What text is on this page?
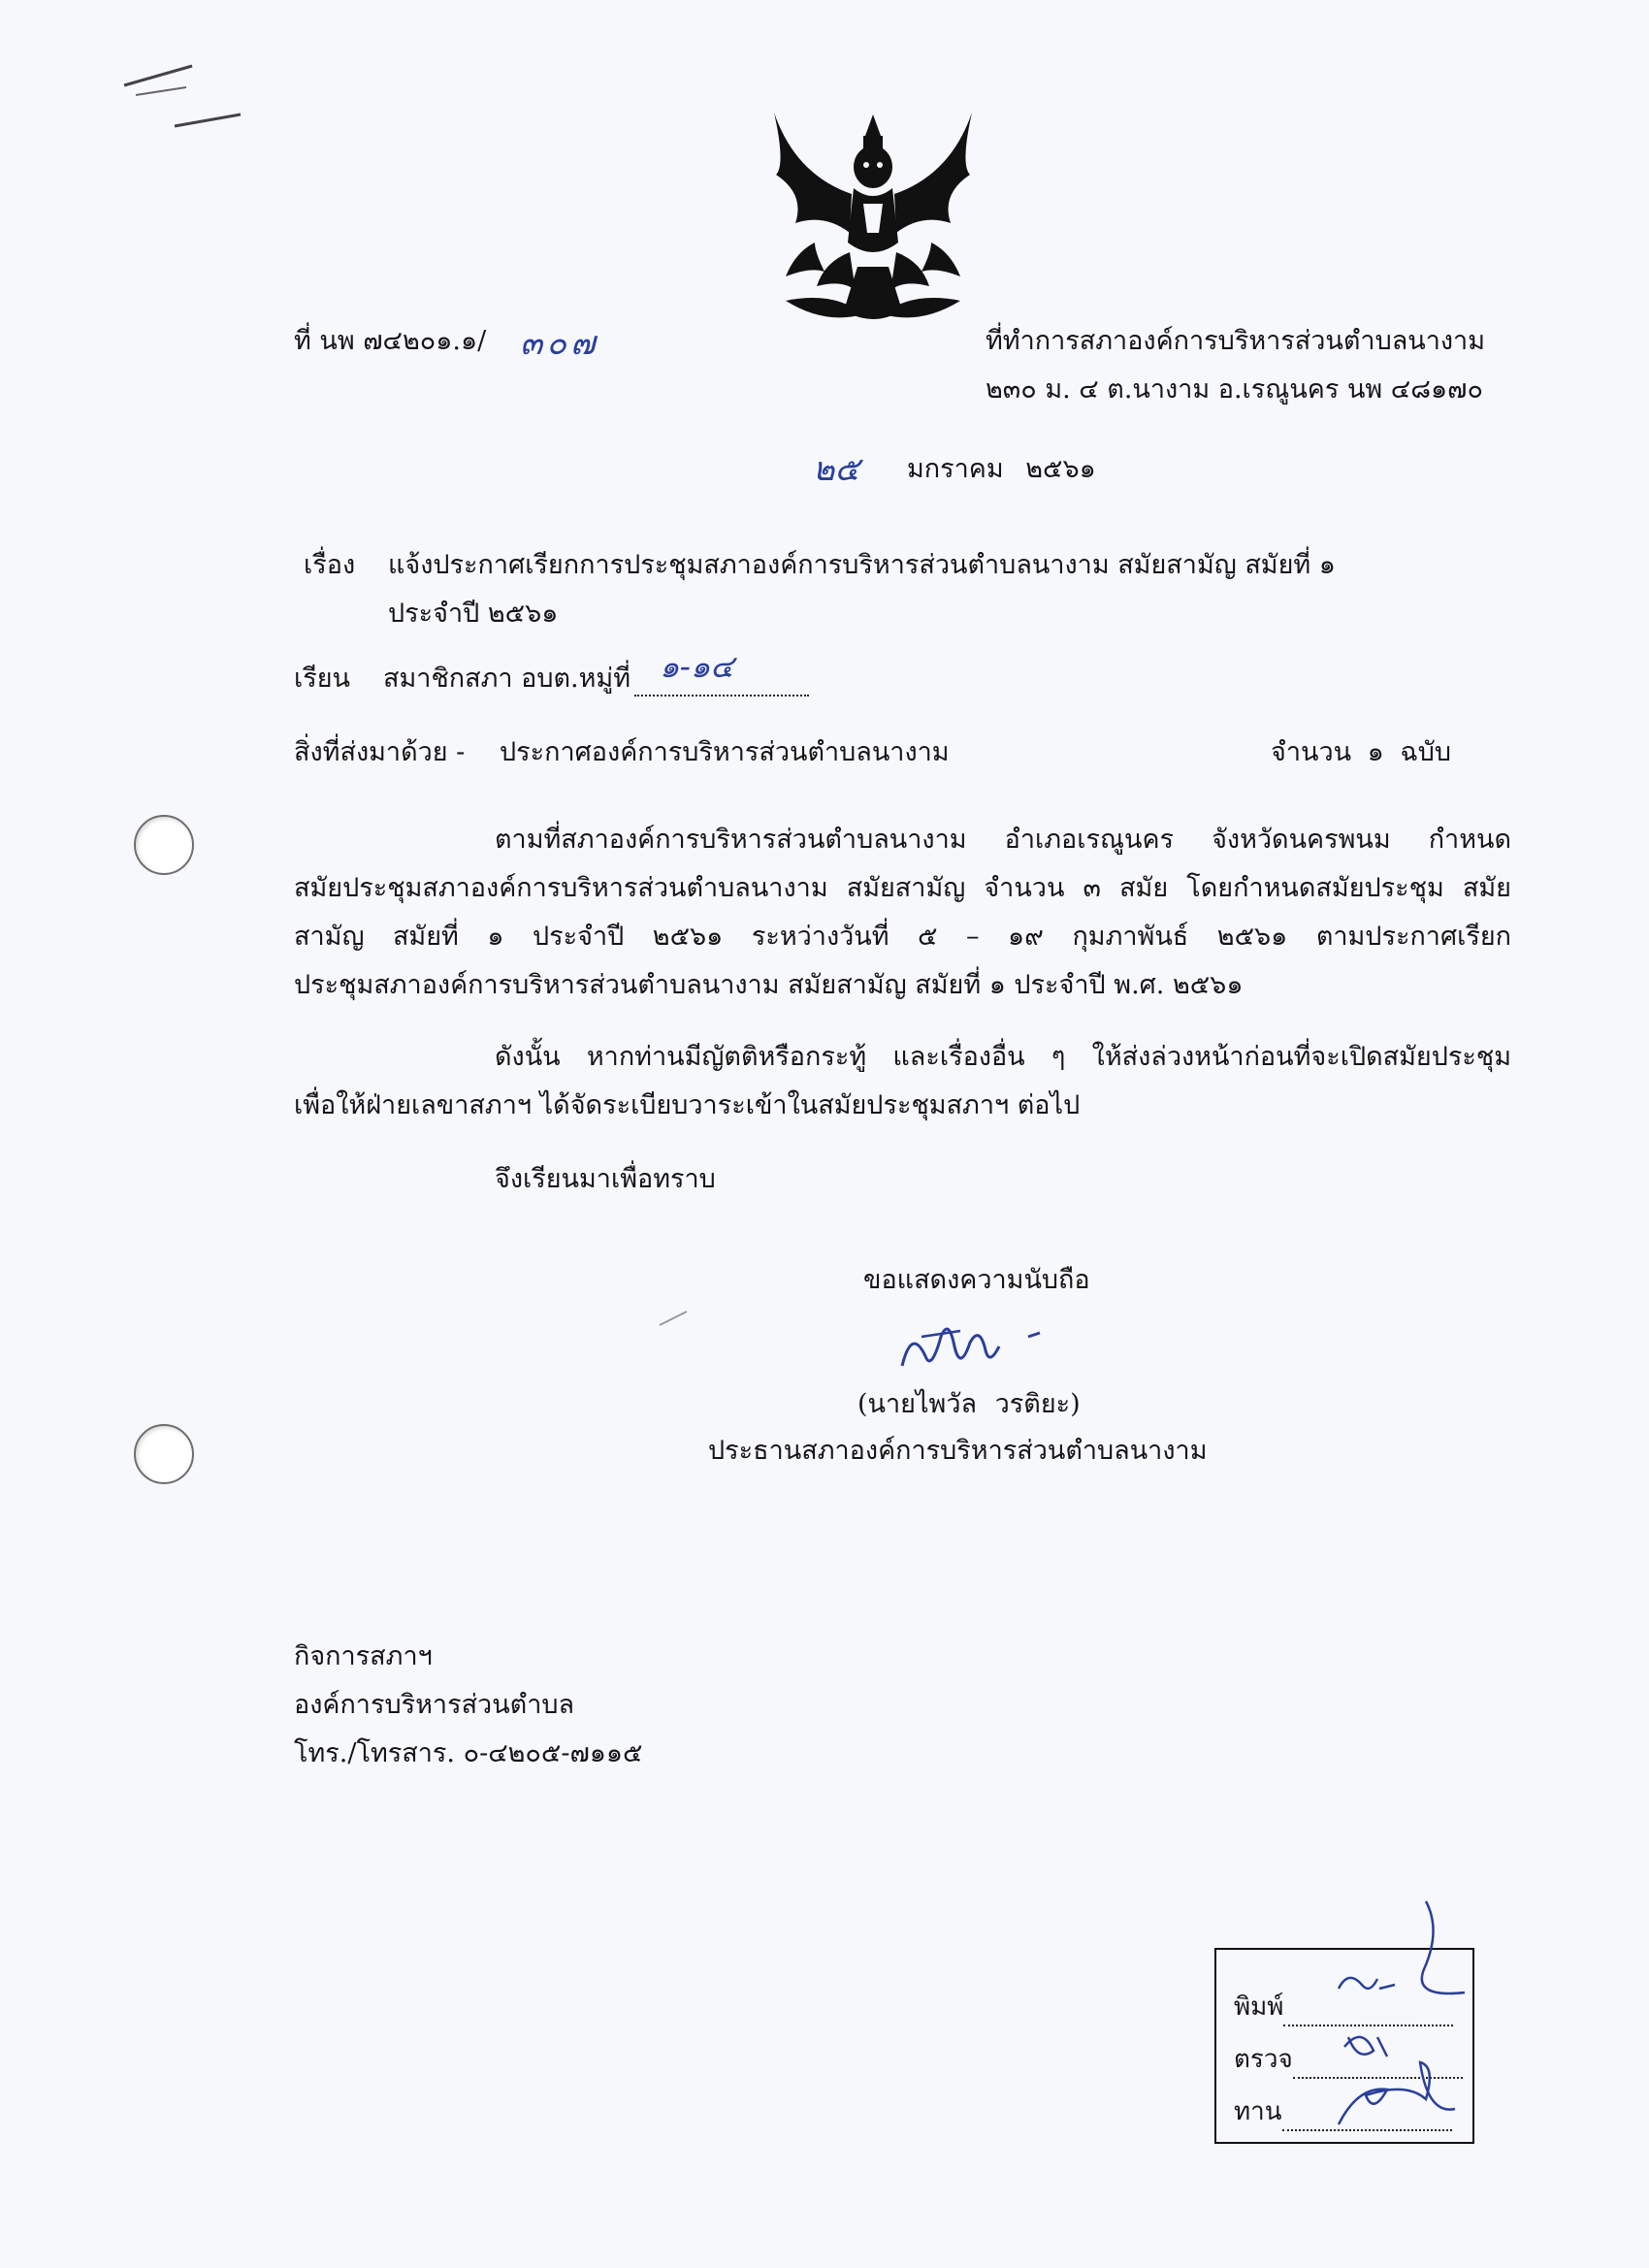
ที่ นพ ๗๔๒๐๑.๑/ ๓๐๗	ที่ทำการสภาองค์การบริหารส่วนตำบลนางาม
๒๓๐ ม. ๔ ต.นางาม อ.เรณูนคร นพ ๔๘๑๗๐
๒๕ มกราคม ๒๕๖๑
เรื่อง แจ้งประกาศเรียกการประชุมสภาองค์การบริหารส่วนตำบลนางาม สมัยสามัญ สมัยที่ ๑
ประจำปี ๒๕๖๑
เรียน สมาชิกสภา อบต.หมู่ที่ ๑-๑๔
สิ่งที่ส่งมาด้วย - ประกาศองค์การบริหารส่วนตำบลนางาม	จำนวน ๑ ฉบับ
ตามที่สภาองค์การบริหารส่วนตำบลนางาม อำเภอเรณูนคร จังหวัดนครพนม กำหนด
สมัยประชุมสภาองค์การบริหารส่วนตำบลนางาม สมัยสามัญ จำนวน ๓ สมัย โดยกำหนดสมัยประชุม สมัย
สามัญ สมัยที่ ๑ ประจำปี ๒๕๖๑ ระหว่างวันที่ ๕ – ๑๙ กุมภาพันธ์ ๒๕๖๑ ตามประกาศเรียก
ประชุมสภาองค์การบริหารส่วนตำบลนางาม สมัยสามัญ สมัยที่ ๑ ประจำปี พ.ศ. ๒๕๖๑
ดังนั้น หากท่านมีญัตติหรือกระทู้ และเรื่องอื่น ๆ ให้ส่งล่วงหน้าก่อนที่จะเปิดสมัยประชุม
เพื่อให้ฝ่ายเลขาสภาฯ ได้จัดระเบียบวาระเข้าในสมัยประชุมสภาฯ ต่อไป
จึงเรียนมาเพื่อทราบ
ขอแสดงความนับถือ
(นายไพวัล วรติยะ)
ประธานสภาองค์การบริหารส่วนตำบลนางาม
กิจการสภาฯ
องค์การบริหารส่วนตำบล
โทร./โทรสาร. ๐-๔๒๐๕-๗๑๑๕
พิมพ์
ตรวจ
ทาน
